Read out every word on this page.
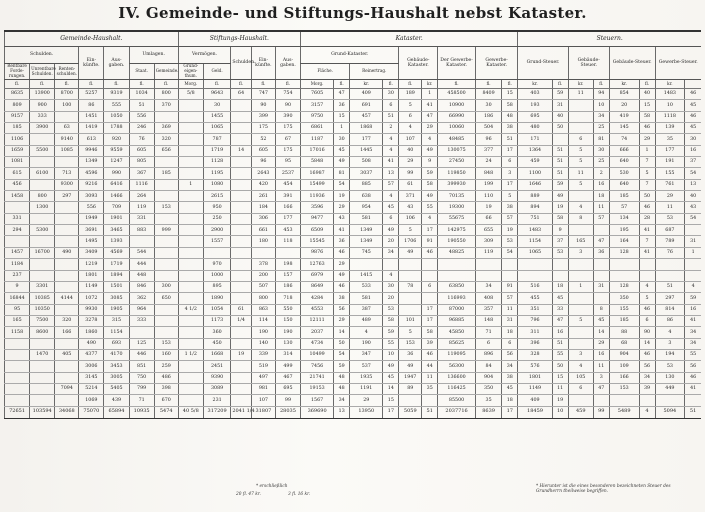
IV. Gemeinde- und Stiftungs-Haushalt nebst Kataster.
Gemeinde-Haushalt.							Stiftungs-Haushalt.					Kataster.									Steuern.							
Schulden.			Ein-künfte.	Aus-gaben.	Umlagen.		Vermögen.		Schulden.	Ein-künfte.	Aus-gaben.	Grund-Kataster.				Gebäude-Kataster.		Der Gewerbe-Kataster.	Gewerbe-Kataster.		Grund-Steuer.		Gebäude-Steuer.		Gebäude-Steuer.		Gewerbe-Steuer.	
Rentbare Forde-rungen.	Unrentbare Schulden.	Renten-schulden.			Staat.	Gemeinde.	Grund-eigen-thum.	Geld.				Fläche.		Reinertrag.														
fl.	fl.	fl.	fl.	fl.	fl.	fl.	Morg.	fl.	fl.	fl.	fl.	Morg.	fl.	kr.	fl.	fl.	kr.	fl.	fl.	fl.	kr.	fl.	kr.	fl.	kr.	fl.	kr.	
8635	13900	8700	5257	9319	1034	800	5/8	9643	64	747	754	7605	47	409	30	189	1	458500	8409	15	403	59	11	94	854	40	1483	46
809	900	100	86	555	51	370		30		90	90	3157	36	691	6	5	41	10900	30	58	193	31		10	20	15	10	45
9157	333		1451	1050	556			1455		399	390	9750	15	457	51	6	47	66990	186	48	695	40		34	419	58	1118	46
185	3900	63	1419	1788	246	369		1065		175	175	6861	1	1868	2	4	29	10060	504	38	480	50		25	145	46	139	45
1106		9140	613	920	76	320		787		52	67	1187	30	177	4	107	4	48485	96	51	171		6	81	74	29	35	30
1659	5500	1085	9946	9559	605	656		1719	14	605	175	17016	45	1445	4	40	49	130075	377	17	1364	51	5	30	666	1	177	16
1081			1349	1247	805			1128		96	95	5848	49	508	41	29	9	27450	24	6	459	51	5	25	640	7	191	37
615	6100	713	4596	990	367	185		1195		2643	2537	16987	81	3037	13	99	59	119850	848	3	1100	51	11	2	530	5	155	54
456		9300	9216	6416	1116		1	1080		420	454	15499	54	885	57	61	58	399930	199	17	1646	59	5	16	640	7	761	13
1458	800	297	3093	1466	264			2615		261	391	11936	19	638	4	371	49	70135	110	5	889	49		18	185	50	29	40
	1300		556	709	119	153		950		184	166	3596	29	954	45	43	55	19300	19	38	894	19	4	11	57	46	11	43
331			1949	1901	331			250		306	177	9477	43	581	6	106	4	55675	66	57	751	58	8	57	134	28	53	54
294	5300		3691	3465	883	999		2900		661	453	6509	41	1349	49	5	17	142975	655	19	1483	9			195	41	687	
			1495	1393				1557		180	118	15545	36	1349	20	1706	91	190550	309	53	1154	37	165	47	164	7	789	31
1457	16700	490	3409	4569	544							9876	46	745	34	49	46	48825	119	54	1065	53	3	36	128	41	76	1
1184			1219	1719	444			970		378	198	12763	29															
237			1801	1894	448			1000		200	157	6979	49	1415	4													
9	3301		1149	1501	846	300		895		507	186	8649	46	533	30	78	6	63850	34	91	516	18	1	31	128	4	51	4
16844	10385	4144	1072	3085	362	650		1890		800	718	4284	38	581	20			116993	408	57	455	45			350	5	297	59
95	10350		9930	1905	964		4 1/2	1054	61	863	550	4553	56	387	53		17	87000	357	11	351	33		8	155	46	814	16
165	7500	320	3278	315	333			1173	1/4	114	150	12111	29	489	58	101	17	96885	148	31	796	47	5	45	185	6	86	41
1158	8600	166	1860	1154				360		190	190	2037	14	4	59	5	58	45850	71	18	311	16		14	88	90	4	34
			490	693	125	153		450		140	130	4734	50	190	55	153	39	85625	6	6	396	51		29	68	14	3	34
	1470	405	4377	4170	446	160	1 1/2	1668	19	339	314	10499	54	347	10	36	46	119095	896	56	328	55	3	16	904	46	194	55
			3006	3453	851	259		2451		519	499	7456	59	537	49	49	44	56300	84	34	576	50	4	11	109	56	53	56
			3145	3005	750	486		9390		497	467	21741	48	1935	45	1947	11	136600	904	38	1801	15	105	3	166	34	130	46
		7094	5214	5405	799	398		3089		981	695	19153	48	1191	14	89	35	116425	350	45	1149	11	6	47	153	39	449	41
			1069	439	71	670		231		107	99	1567	34	29	15			85500	35	18	409	19						
72651	103594	34068	75070	65894	10935	5474	40 5/8	317209	2041 1/4	31807	28035	369690	13	13950	17	5059	51	2037716	8639	17	18459	10	459	99	5489	4	5094	51
* erschließlich
20 fl. 47 kr.	3 fl. 16 kr.
* Hierunter ist die eines besonderen bezeichneten Steuer des Grundherrn theilweise begriffen.
